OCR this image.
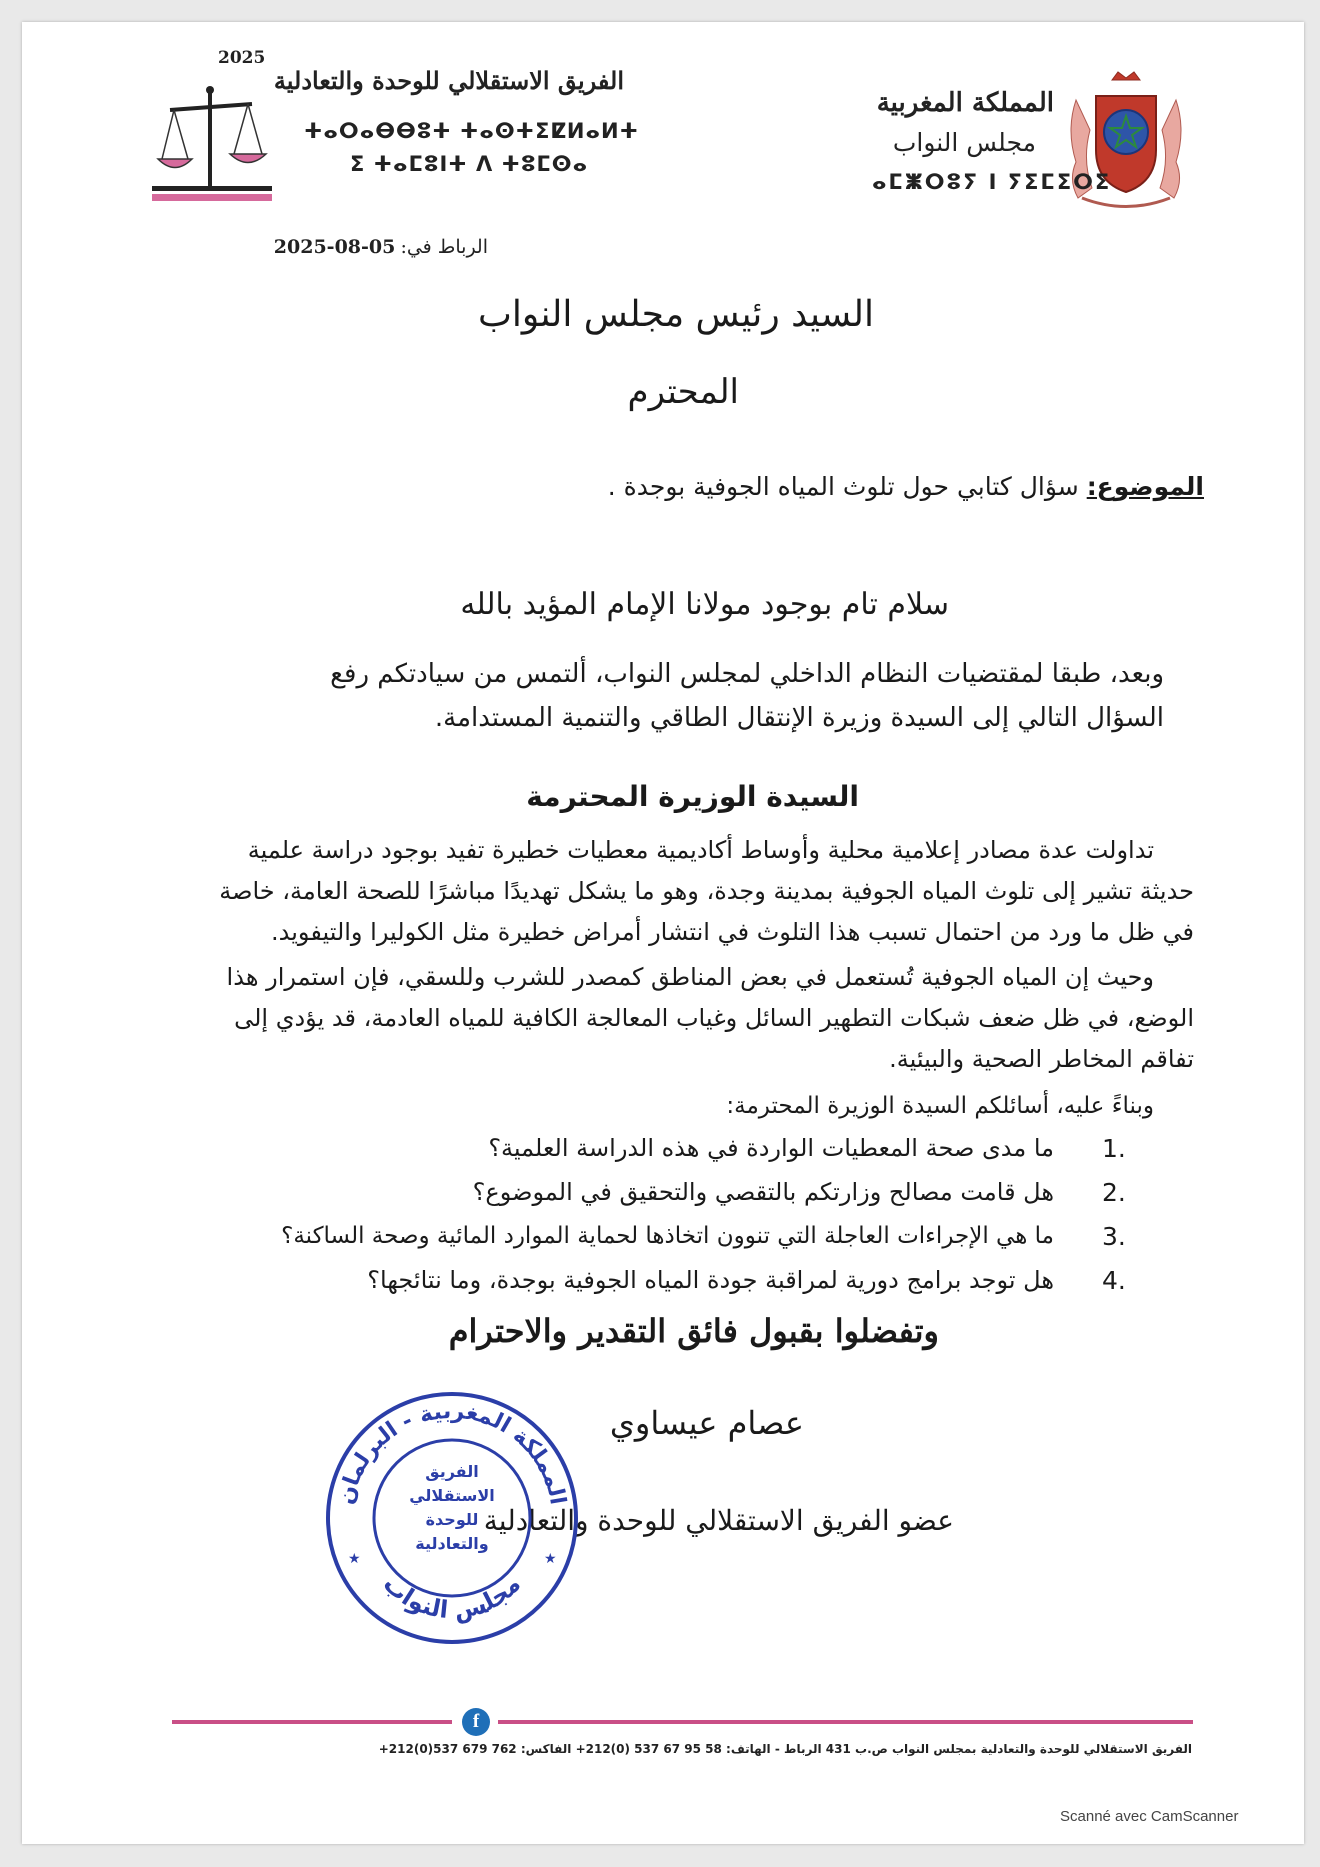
2025
الفريق الاستقلالي للوحدة والتعادلية
ⵜⴰⵔⴰⴱⴱⵓⵜ ⵜⴰⵙⵜⵉⵇⵍⴰⵍⵜ
ⵉ ⵜⴰⵎⵓⵏⵜ ⴷ ⵜⵓⵎⵙⴰ
المملكة المغربية
مجلس النواب
ⴰⵎⵥⵔⵓⵢ ⵏ ⵢⵉⵎⵉⵔⵉ
الرباط في: 2025-08-05
السيد رئيس مجلس النواب
المحترم
الموضوع: سؤال كتابي حول تلوث المياه الجوفية بوجدة .
سلام تام بوجود مولانا الإمام المؤيد بالله
وبعد، طبقا لمقتضيات النظام الداخلي لمجلس النواب، ألتمس من سيادتكم رفع
السؤال التالي إلى السيدة وزيرة الإنتقال الطاقي والتنمية المستدامة.
السيدة الوزيرة المحترمة
تداولت عدة مصادر إعلامية محلية وأوساط أكاديمية معطيات خطيرة تفيد بوجود دراسة علمية
حديثة تشير إلى تلوث المياه الجوفية بمدينة وجدة، وهو ما يشكل تهديدًا مباشرًا للصحة العامة، خاصة
في ظل ما ورد من احتمال تسبب هذا التلوث في انتشار أمراض خطيرة مثل الكوليرا والتيفويد.
وحيث إن المياه الجوفية تُستعمل في بعض المناطق كمصدر للشرب وللسقي، فإن استمرار هذا
الوضع، في ظل ضعف شبكات التطهير السائل وغياب المعالجة الكافية للمياه العادمة، قد يؤدي إلى
تفاقم المخاطر الصحية والبيئية.
وبناءً عليه، أسائلكم السيدة الوزيرة المحترمة:
1.
ما مدى صحة المعطيات الواردة في هذه الدراسة العلمية؟
2.
هل قامت مصالح وزارتكم بالتقصي والتحقيق في الموضوع؟
3.
ما هي الإجراءات العاجلة التي تنوون اتخاذها لحماية الموارد المائية وصحة الساكنة؟
4.
هل توجد برامج دورية لمراقبة جودة المياه الجوفية بوجدة، وما نتائجها؟
وتفضلوا بقبول فائق التقدير والاحترام
عصام عيساوي
عضو الفريق الاستقلالي للوحدة والتعادلية
المملكة المغربية - البرلمان
مجلس النواب
★	★
الفريق
الاستقلالي
للوحدة
والتعادلية
f
الفريق الاستقلالي للوحدة والتعادلية بمجلس النواب ص.ب 431 الرباط - الهاتف: +212(0) 537 67 95 58 الفاكس: +212(0)537 679 762
Scanné avec CamScanner
